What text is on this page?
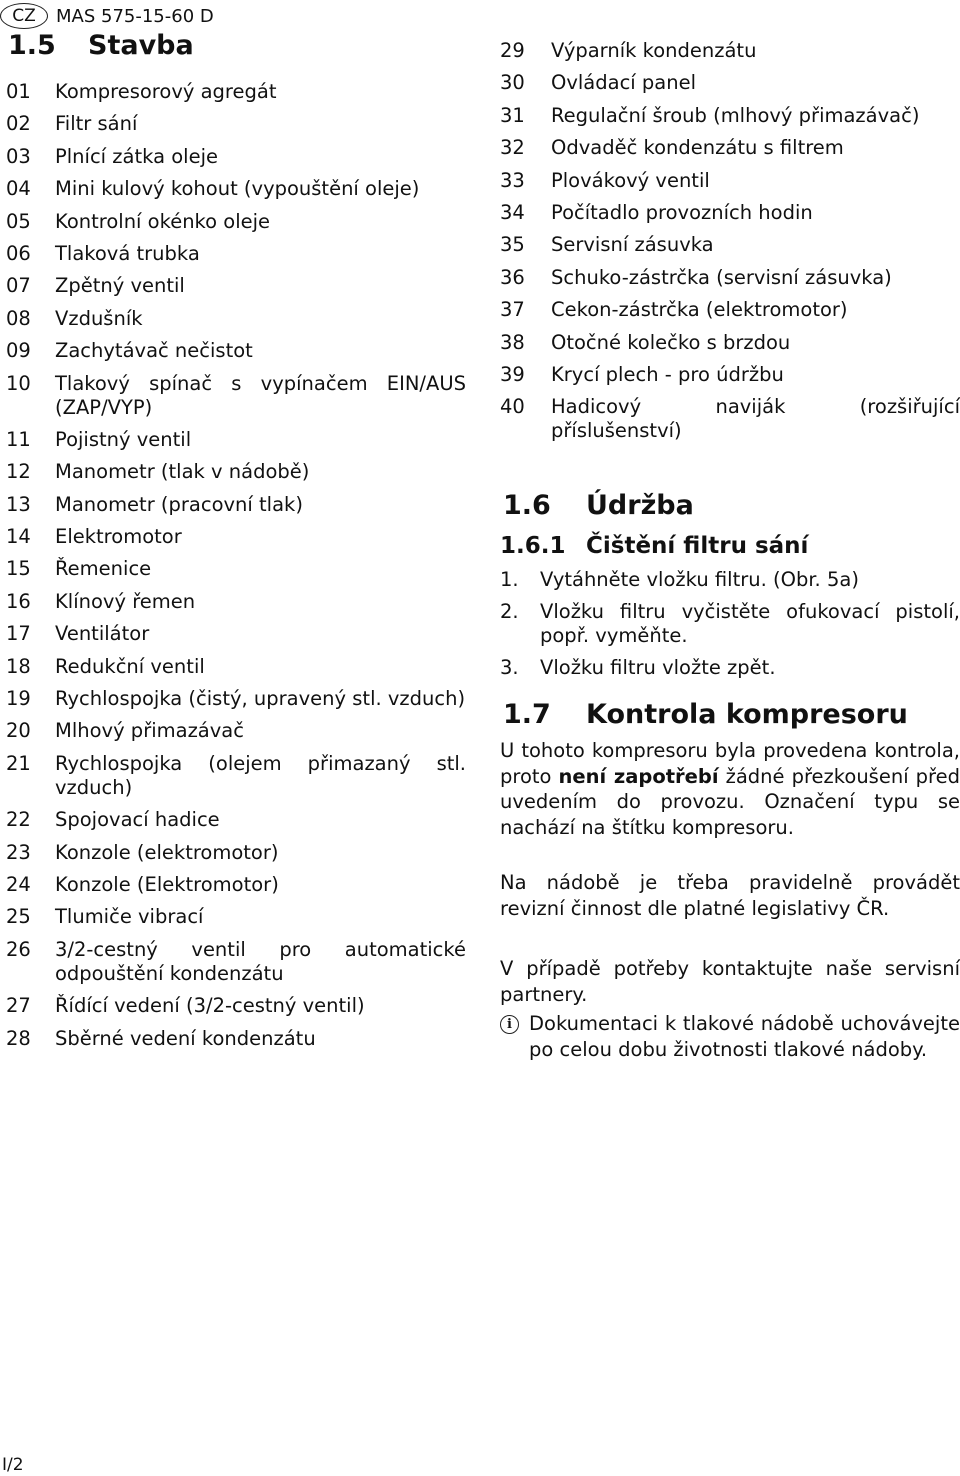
CZ	MAS 575-15-60 D
1.5 Stavba
01	Kompresorový agregát
02	Filtr sání
03	Plnící zátka oleje
04	Mini kulový kohout (vypouštění oleje)
05	Kontrolní okénko oleje
06	Tlaková trubka
07	Zpětný ventil
08	Vzdušník
09	Zachytávač nečistot
10	Tlakový spínač s vypínačem EIN/AUS (ZAP/VYP)
11	Pojistný ventil
12	Manometr (tlak v nádobě)
13	Manometr (pracovní tlak)
14	Elektromotor
15	Řemenice
16	Klínový řemen
17	Ventilátor
18	Redukční ventil
19	Rychlospojka (čistý, upravený stl. vzduch)
20	Mlhový přimazávač
21	Rychlospojka (olejem přimazaný stl. vzduch)
22	Spojovací hadice
23	Konzole (elektromotor)
24	Konzole (Elektromotor)
25	Tlumiče vibrací
26	3/2-cestný ventil pro automatické odpouštění kondenzátu
27	Řídící vedení (3/2-cestný ventil)
28	Sběrné vedení kondenzátu
29	Výparník kondenzátu
30	Ovládací panel
31	Regulační šroub (mlhový přimazávač)
32	Odvaděč kondenzátu s filtrem
33	Plovákový ventil
34	Počítadlo provozních hodin
35	Servisní zásuvka
36	Schuko-zástrčka (servisní zásuvka)
37	Cekon-zástrčka (elektromotor)
38	Otočné kolečko s brzdou
39	Krycí plech - pro údržbu
40	Hadicový naviják (rozšiřující příslušenství)
1.6 Údržba
1.6.1 Čištění filtru sání
1.	Vytáhněte vložku filtru. (Obr. 5a)
2.	Vložku filtru vyčistěte ofukovací pistolí, popř. vyměňte.
3.	Vložku filtru vložte zpět.
1.7 Kontrola kompresoru

U tohoto kompresoru byla provedena kontrola, proto není zapotřebí žádné přezkoušení před uvedením do provozu. Označení typu se nachází na štítku kompresoru.

Na nádobě je třeba pravidelně provádět revizní činnost dle platné legislativy ČR.

V případě potřeby kontaktujte naše servisní partnery.

i Dokumentaci k tlakové nádobě uchovávejte po celou dobu životnosti tlakové nádoby.
I/2
